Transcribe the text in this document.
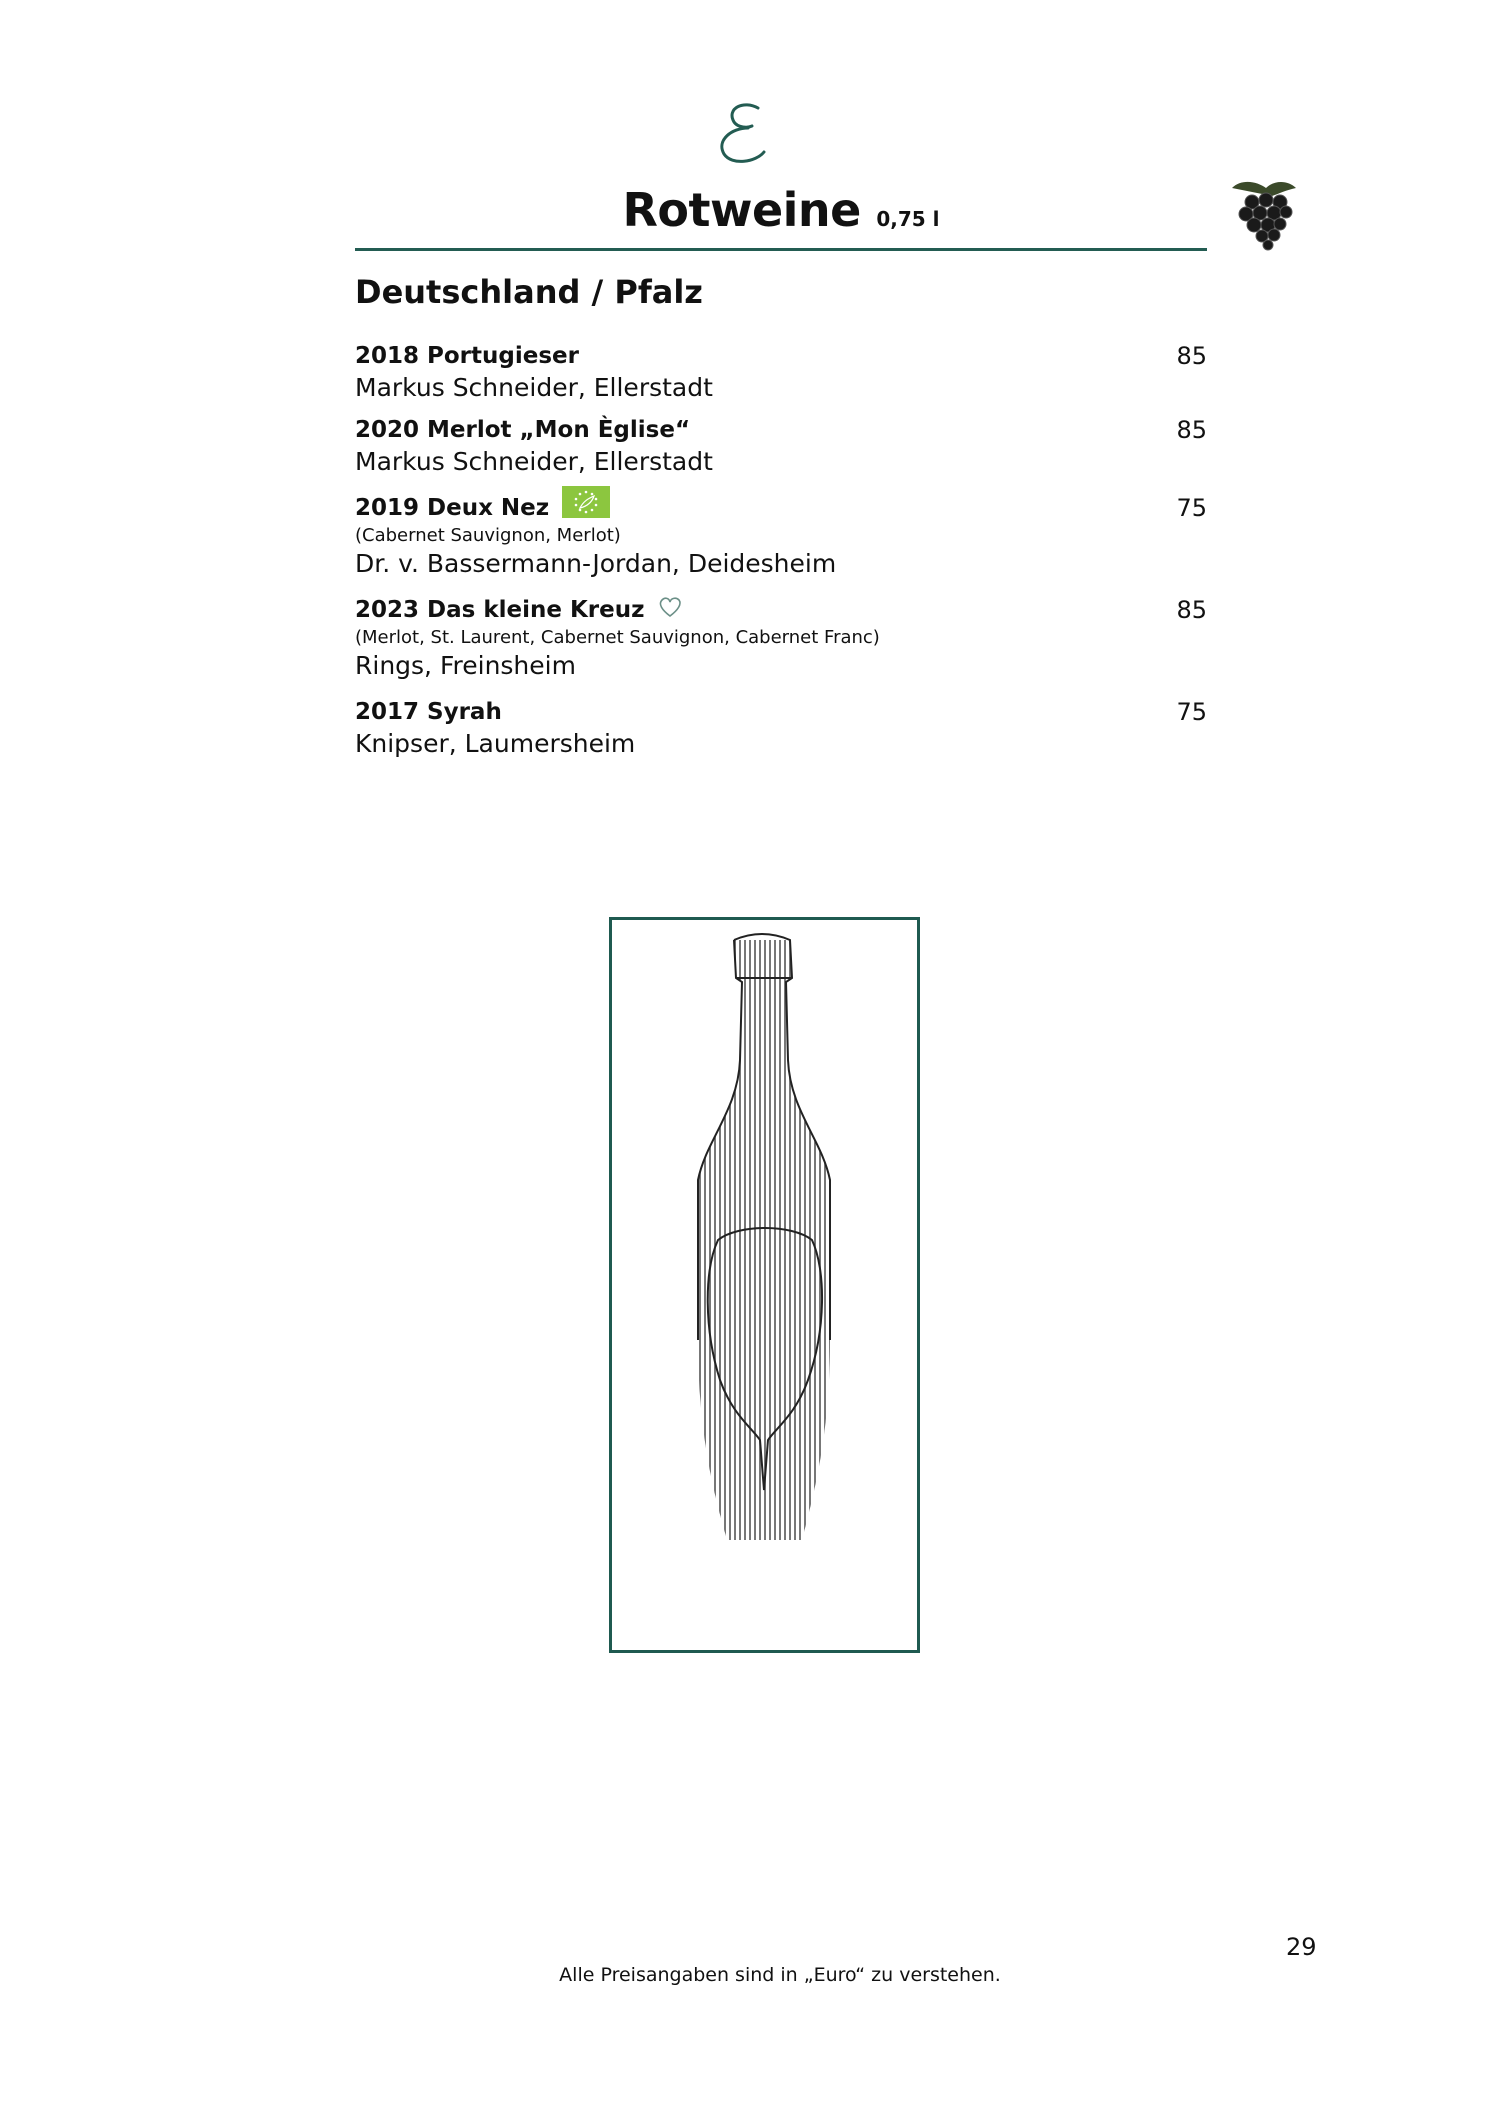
Rotweine 0,75 l
Deutschland / Pfalz
2018 Portugieser	85
Markus Schneider, Ellerstadt
2020 Merlot „Mon Èglise“	85
Markus Schneider, Ellerstadt
2019 Deux Nez	75
(Cabernet Sauvignon, Merlot)
Dr. v. Bassermann-Jordan, Deidesheim
2023 Das kleine Kreuz	85
(Merlot, St. Laurent, Cabernet Sauvignon, Cabernet Franc)
Rings, Freinsheim
2017 Syrah	75
Knipser, Laumersheim
29
Alle Preisangaben sind in „Euro“ zu verstehen.
